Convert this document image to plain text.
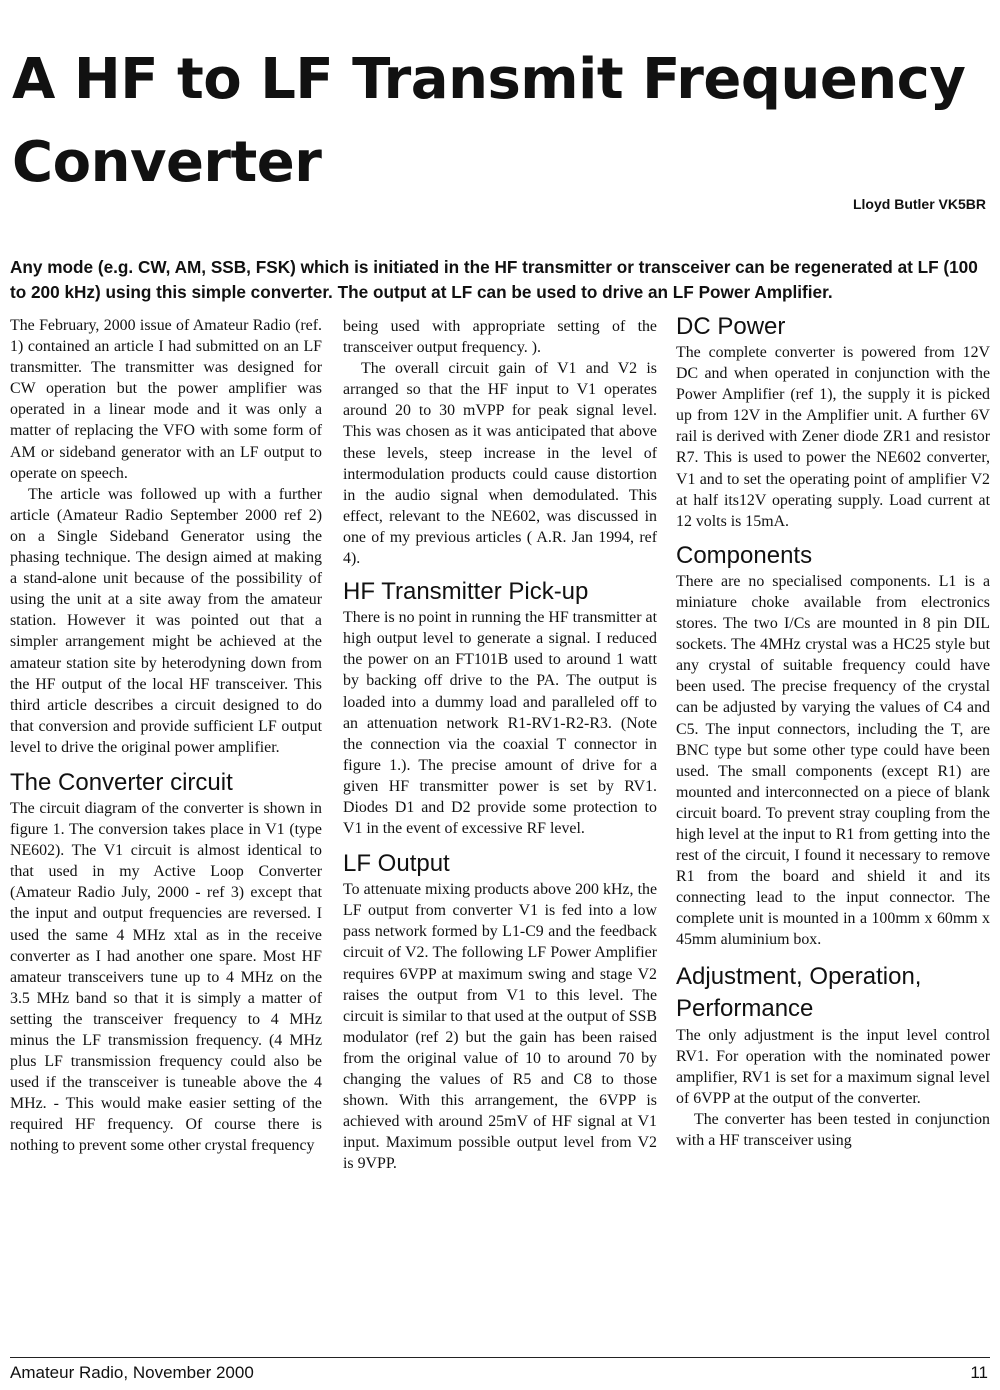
A HF to LF Transmit Frequency Converter
Lloyd Butler VK5BR

Any mode (e.g. CW, AM, SSB, FSK) which is initiated in the HF transmitter or transceiver can be regenerated at LF (100 to 200 kHz) using this simple converter. The output at LF can be used to drive an LF Power Amplifier.

The February, 2000 issue of Amateur Radio (ref. 1) contained an article I had submitted on an LF transmitter. The transmitter was designed for CW operation but the power amplifier was operated in a linear mode and it was only a matter of replacing the VFO with some form of AM or sideband generator with an LF output to operate on speech.

The article was followed up with a further article (Amateur Radio September 2000 ref 2) on a Single Sideband Generator using the phasing technique. The design aimed at making a stand-alone unit because of the possibility of using the unit at a site away from the amateur station. However it was pointed out that a simpler arrangement might be achieved at the amateur station site by heterodyning down from the HF output of the local HF transceiver. This third article describes a circuit designed to do that conversion and provide sufficient LF output level to drive the original power amplifier.

The Converter circuit

The circuit diagram of the converter is shown in figure 1. The conversion takes place in V1 (type NE602). The V1 circuit is almost identical to that used in my Active Loop Converter (Amateur Radio July, 2000 - ref 3) except that the input and output frequencies are reversed. I used the same 4 MHz xtal as in the receive converter as I had another one spare. Most HF amateur transceivers tune up to 4 MHz on the 3.5 MHz band so that it is simply a matter of setting the transceiver frequency to 4 MHz minus the LF transmission frequency. (4 MHz plus LF transmission frequency could also be used if the transceiver is tuneable above the 4 MHz. - This would make easier setting of the required HF frequency. Of course there is nothing to prevent some other crystal frequency

being used with appropriate setting of the transceiver output frequency. ).

The overall circuit gain of V1 and V2 is arranged so that the HF input to V1 operates around 20 to 30 mVPP for peak signal level. This was chosen as it was anticipated that above these levels, steep increase in the level of intermodulation products could cause distortion in the audio signal when demodulated. This effect, relevant to the NE602, was discussed in one of my previous articles ( A.R. Jan 1994, ref 4).

HF Transmitter Pick-up

There is no point in running the HF transmitter at high output level to generate a signal. I reduced the power on an FT101B used to around 1 watt by backing off drive to the PA. The output is loaded into a dummy load and paralleled off to an attenuation network R1-RV1-R2-R3. (Note the connection via the coaxial T connector in figure 1.). The precise amount of drive for a given HF transmitter power is set by RV1. Diodes D1 and D2 provide some protection to V1 in the event of excessive RF level.

LF Output

To attenuate mixing products above 200 kHz, the LF output from converter V1 is fed into a low pass network formed by L1-C9 and the feedback circuit of V2. The following LF Power Amplifier requires 6VPP at maximum swing and stage V2 raises the output from V1 to this level. The circuit is similar to that used at the output of SSB modulator (ref 2) but the gain has been raised from the original value of 10 to around 70 by changing the values of R5 and C8 to those shown. With this arrangement, the 6VPP is achieved with around 25mV of HF signal at V1 input. Maximum possible output level from V2 is 9VPP.

DC Power

The complete converter is powered from 12V DC and when operated in conjunction with the Power Amplifier (ref 1), the supply it is picked up from 12V in the Amplifier unit. A further 6V rail is derived with Zener diode ZR1 and resistor R7. This is used to power the NE602 converter, V1 and to set the operating point of amplifier V2 at half its12V operating supply. Load current at 12 volts is 15mA.

Components

There are no specialised components. L1 is a miniature choke available from electronics stores. The two I/Cs are mounted in 8 pin DIL sockets. The 4MHz crystal was a HC25 style but any crystal of suitable frequency could have been used. The precise frequency of the crystal can be adjusted by varying the values of C4 and C5. The input connectors, including the T, are BNC type but some other type could have been used. The small components (except R1) are mounted and interconnected on a piece of blank circuit board. To prevent stray coupling from the high level at the input to R1 from getting into the rest of the circuit, I found it necessary to remove R1 from the board and shield it and its connecting lead to the input connector. The complete unit is mounted in a 100mm x 60mm x 45mm aluminium box.

Adjustment, Operation, Performance

The only adjustment is the input level control RV1. For operation with the nominated power amplifier, RV1 is set for a maximum signal level of 6VPP at the output of the converter.

The converter has been tested in conjunction with a HF transceiver using

Amateur Radio, November 2000	11
